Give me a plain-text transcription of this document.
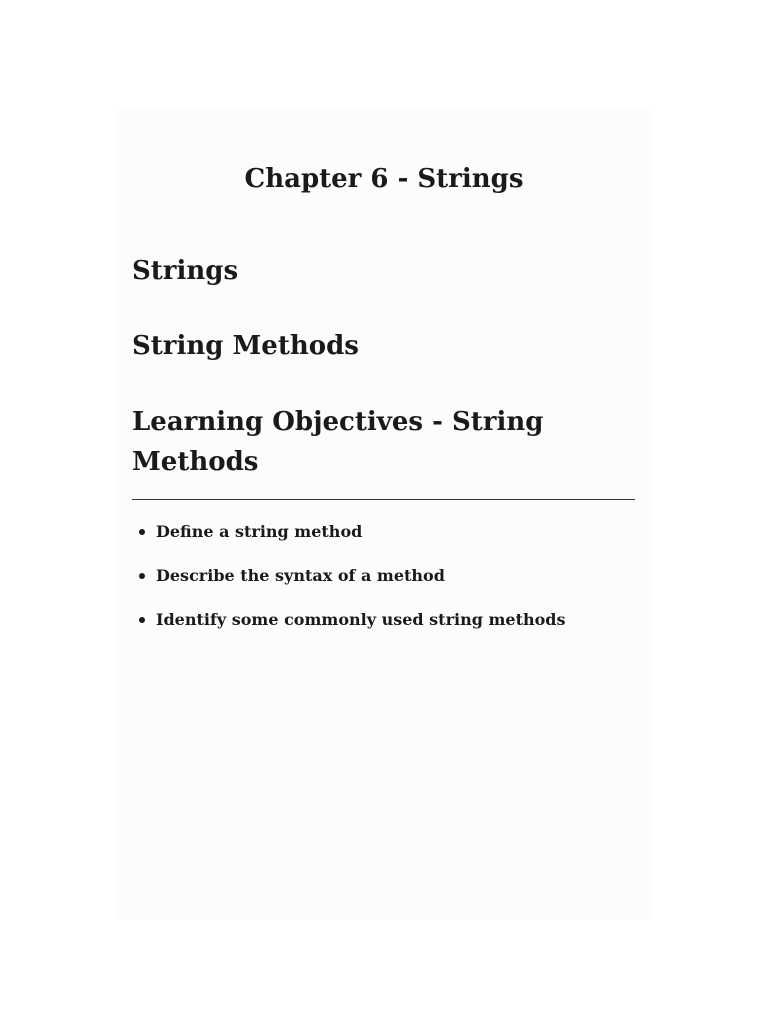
Chapter 6 - Strings
Strings
String Methods
Learning Objectives - String Methods
Define a string method
Describe the syntax of a method
Identify some commonly used string methods
